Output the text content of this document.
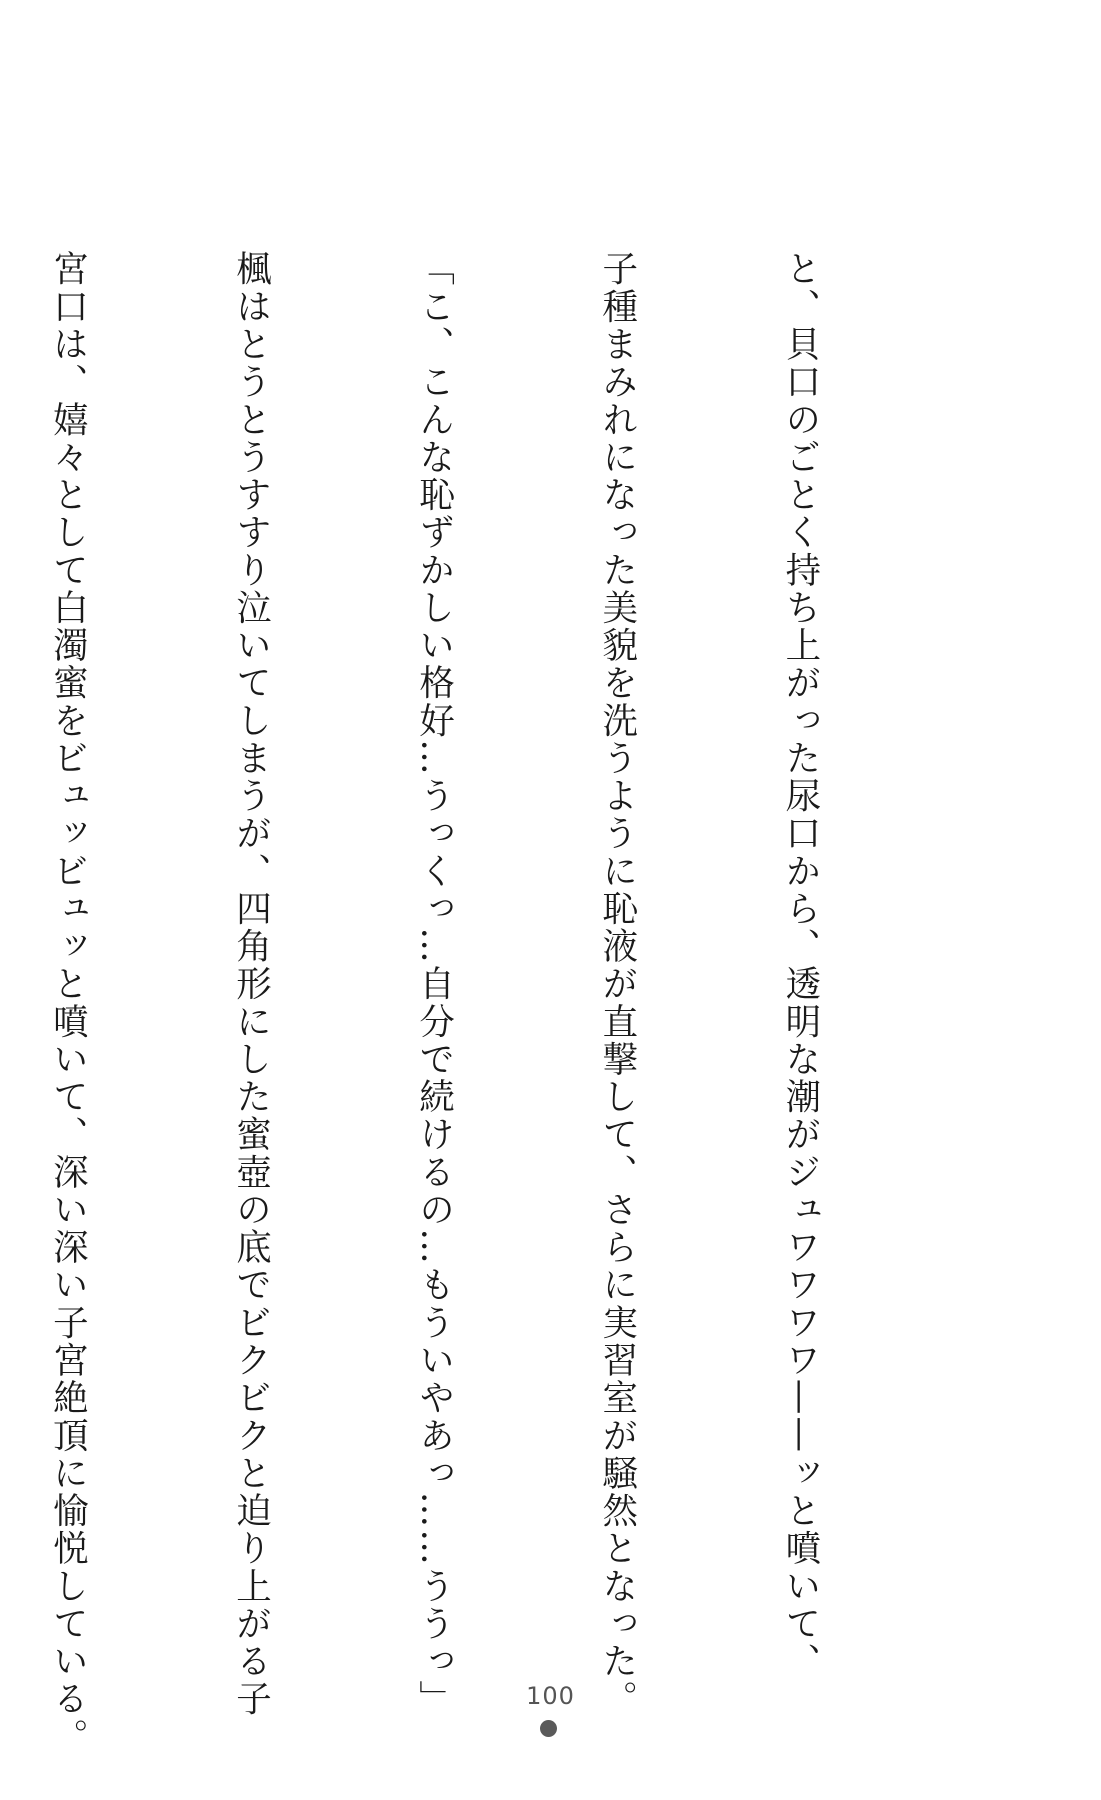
と、貝口のごとく持ち上がった尿口から、透明な潮がジュワワワワ——ッと噴いて、

子種まみれになった美貌を洗うように恥液が直撃して、さらに実習室が騒然となった。

「こ、こんな恥ずかしい格好…うっくっ…自分で続けるの…もういやあっ……ううっ」

楓はとうとうすすり泣いてしまうが、四角形にした蜜壺の底でビクビクと迫り上がる子

宮口は、嬉々として白濁蜜をビュッビュッと噴いて、深い深い子宮絶頂に愉悦している。

	100
